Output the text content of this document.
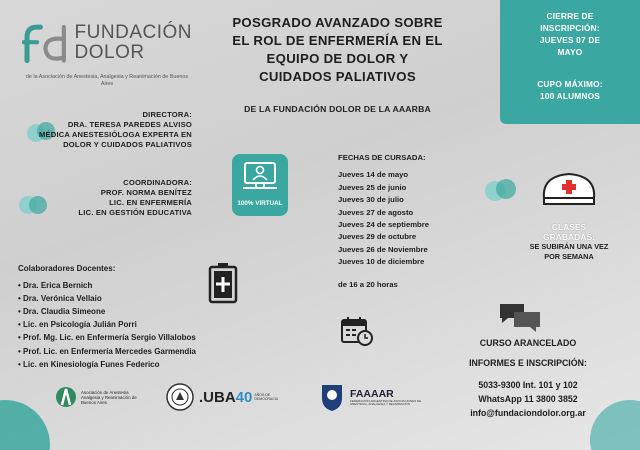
FUNDACIÓN
DOLOR
de la Asociación de Anestesia, Analgesia y Reanimación de Buenos Aires
POSGRADO AVANZADO SOBRE
EL ROL DE ENFERMERÍA EN EL
EQUIPO DE DOLOR Y
CUIDADOS PALIATIVOS
DE LA FUNDACIÓN DOLOR DE LA AAARBA
CIERRE DE
INSCRIPCIÓN:
JUEVES 07 DE
MAYO
CUPO MÁXIMO:
100 ALUMNOS
DIRECTORA:
DRA. TERESA PAREDES ALVISO
MÉDICA ANESTESIÓLOGA EXPERTA EN
DOLOR Y CUIDADOS PALIATIVOS
COORDINADORA:
PROF. NORMA BENÍTEZ
LIC. EN ENFERMERÍA
LIC. EN GESTIÓN EDUCATIVA
100% VIRTUAL
FECHAS DE CURSADA:
Jueves 14 de mayo
Jueves 25 de junio
Jueves 30 de julio
Jueves 27 de agosto
Jueves 24 de septiembre
Jueves 29 de octubre
Jueves 26 de Noviembre
Jueves 10 de diciembre
de 16 a 20 horas
Colaboradores Docentes:
• Dra. Erica Bernich
• Dra. Verónica Vellaio
• Dra. Claudia Simeone
• Lic. en Psicología Julián Porri
• Prof. Mg. Lic. en Enfermería Sergio Villalobos
• Prof. Lic. en Enfermería Mercedes Garmendia
• Lic. en Kinesiología Funes Federico
CLASES
GRABADAS:
SE SUBIRÁN UNA VEZ
POR SEMANA
CURSO ARANCELADO
INFORMES E INSCRIPCIÓN:
5033-9300 Int. 101 y 102
WhatsApp 11 3800 3852
info@fundaciondolor.org.ar
Asociación de Anestesia Analgesia y Reanimación de Buenos Aires	.UBA 40 AÑOS DE DEMOCRACIA	FAAAAR
FEDERACIÓN ARGENTINA DE ASOCIACIONES DE ANESTESIA, ANALGESIA Y REANIMACIÓN
